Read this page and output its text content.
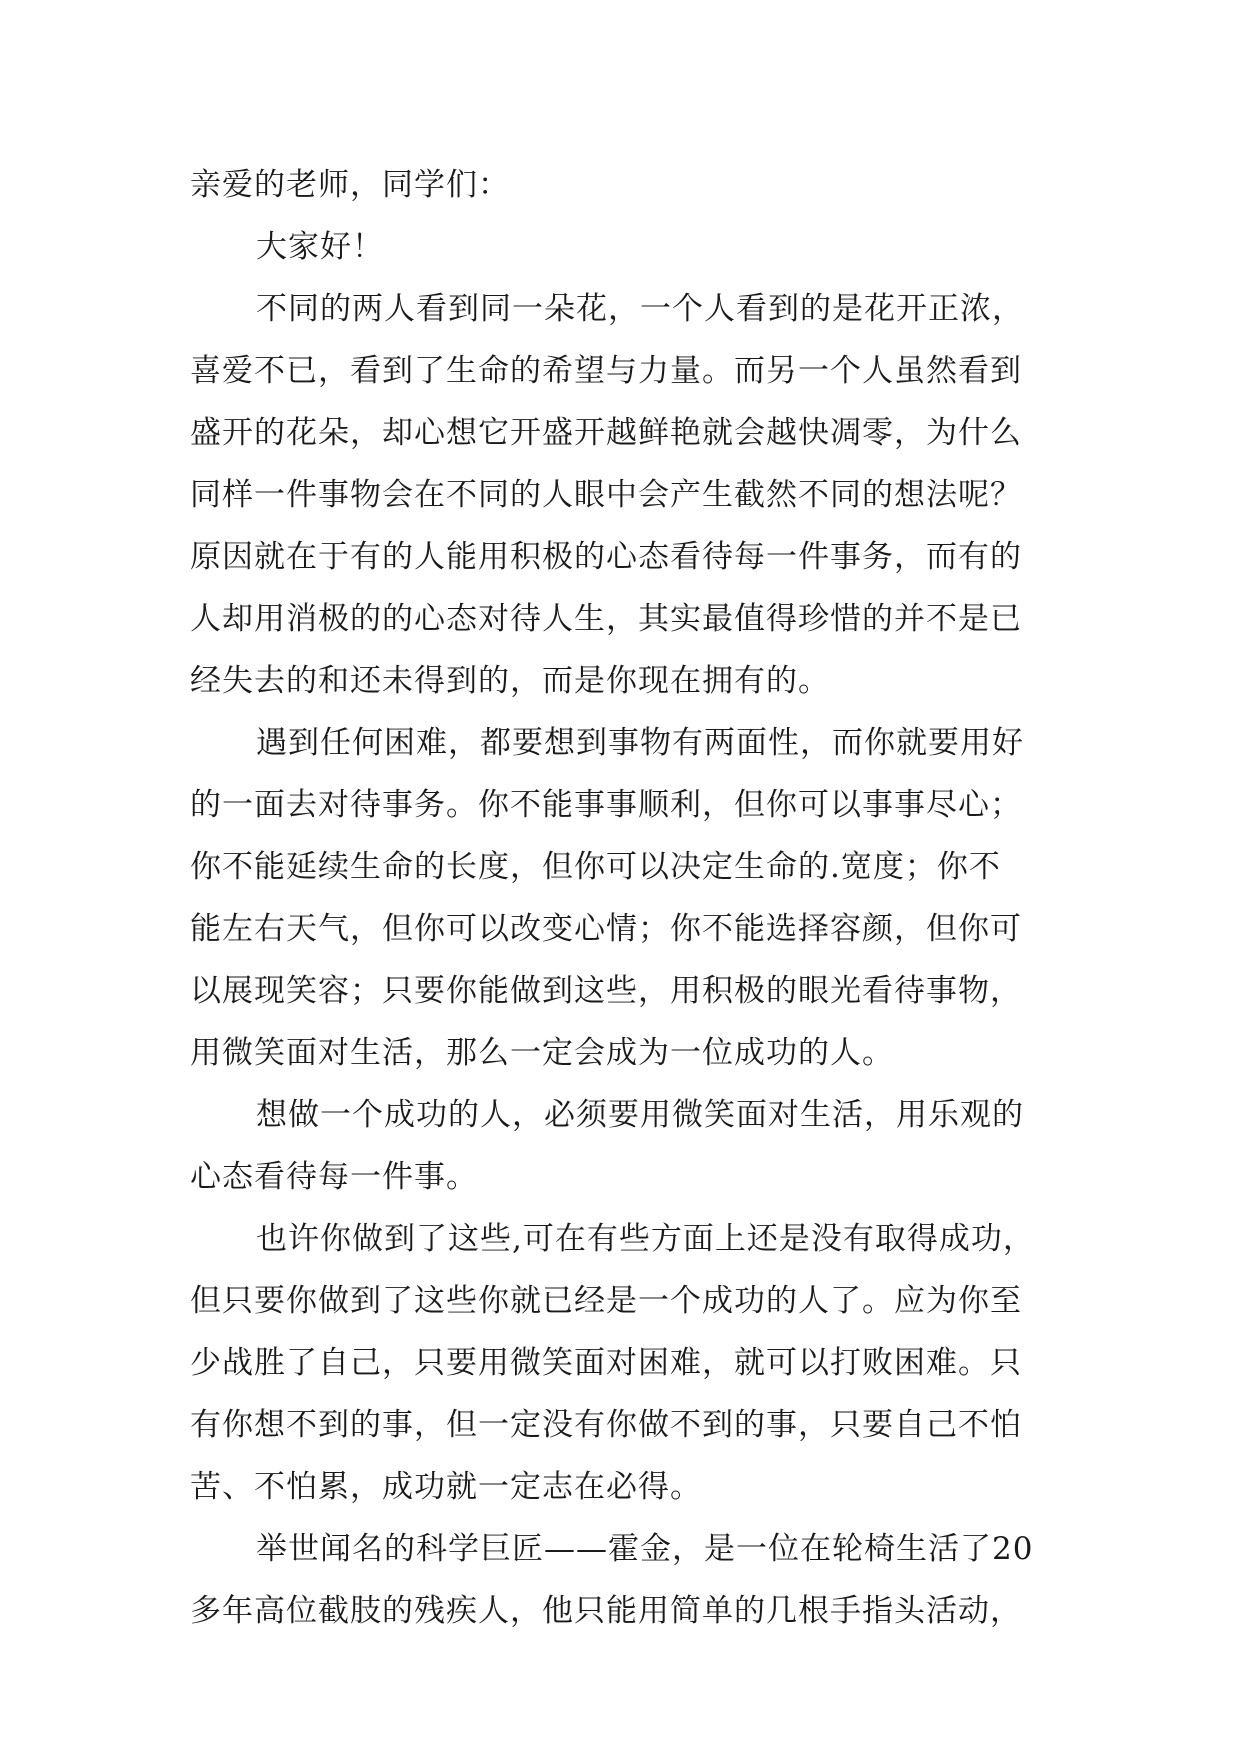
亲爱的老师，同学们：
大家好！
不同的两人看到同一朵花，一个人看到的是花开正浓，
喜爱不已，看到了生命的希望与力量。而另一个人虽然看到
盛开的花朵，却心想它开盛开越鲜艳就会越快凋零，为什么
同样一件事物会在不同的人眼中会产生截然不同的想法呢？
原因就在于有的人能用积极的心态看待每一件事务，而有的
人却用消极的的心态对待人生，其实最值得珍惜的并不是已
经失去的和还未得到的，而是你现在拥有的。
遇到任何困难，都要想到事物有两面性，而你就要用好
的一面去对待事务。你不能事事顺利，但你可以事事尽心；
你不能延续生命的长度，但你可以决定生命的.宽度；你不
能左右天气，但你可以改变心情；你不能选择容颜，但你可
以展现笑容；只要你能做到这些，用积极的眼光看待事物，
用微笑面对生活，那么一定会成为一位成功的人。
想做一个成功的人，必须要用微笑面对生活，用乐观的
心态看待每一件事。
也许你做到了这些,可在有些方面上还是没有取得成功，
但只要你做到了这些你就已经是一个成功的人了。应为你至
少战胜了自己，只要用微笑面对困难，就可以打败困难。只
有你想不到的事，但一定没有你做不到的事，只要自己不怕
苦、不怕累，成功就一定志在必得。
举世闻名的科学巨匠——霍金，是一位在轮椅生活了20
多年高位截肢的残疾人，他只能用简单的几根手指头活动，
